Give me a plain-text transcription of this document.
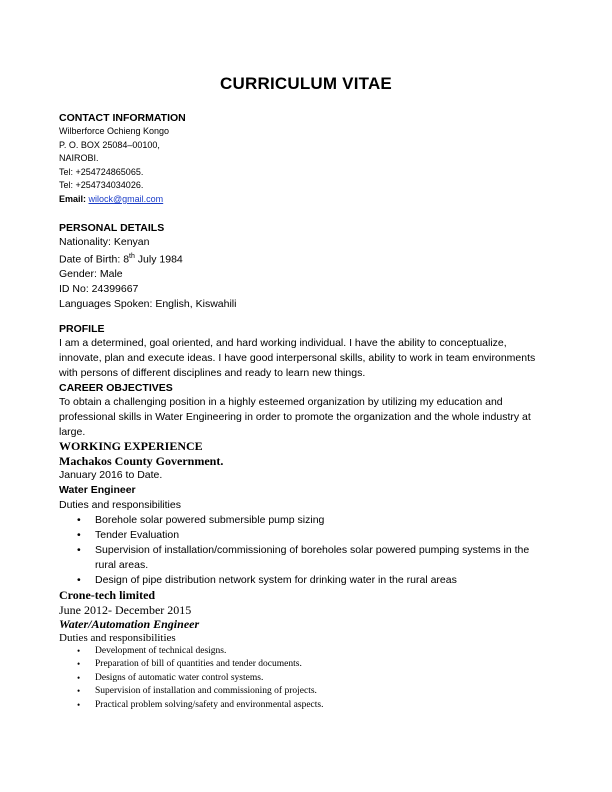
CURRICULUM VITAE
CONTACT INFORMATION
Wilberforce Ochieng Kongo
P. O. BOX 25084–00100,
NAIROBI.
Tel: +254724865065.
Tel: +254734034026.
Email: wilock@gmail.com
PERSONAL DETAILS
Nationality: Kenyan
Date of Birth: 8th July 1984
Gender: Male
ID No: 24399667
Languages Spoken: English, Kiswahili
PROFILE
I am a determined, goal oriented, and hard working individual. I have the ability to conceptualize, innovate, plan and execute ideas. I have good interpersonal skills, ability to work in team environments with persons of different disciplines and ready to learn new things.
CAREER OBJECTIVES
To obtain a challenging position in a highly esteemed organization by utilizing my education and professional skills in Water Engineering in order to promote the organization and the whole industry at large.
WORKING EXPERIENCE
Machakos County Government.
January 2016 to Date.
Water Engineer
Duties and responsibilities
• Borehole solar powered submersible pump sizing
• Tender Evaluation
• Supervision of installation/commissioning of boreholes solar powered pumping systems in the rural areas.
• Design of pipe distribution network system for drinking water in the rural areas
Crone-tech limited
June 2012- December 2015
Water/Automation Engineer
Duties and responsibilities
• Development of technical designs.
• Preparation of bill of quantities and tender documents.
• Designs of automatic water control systems.
• Supervision of installation and commissioning of projects.
• Practical problem solving/safety and environmental aspects.
